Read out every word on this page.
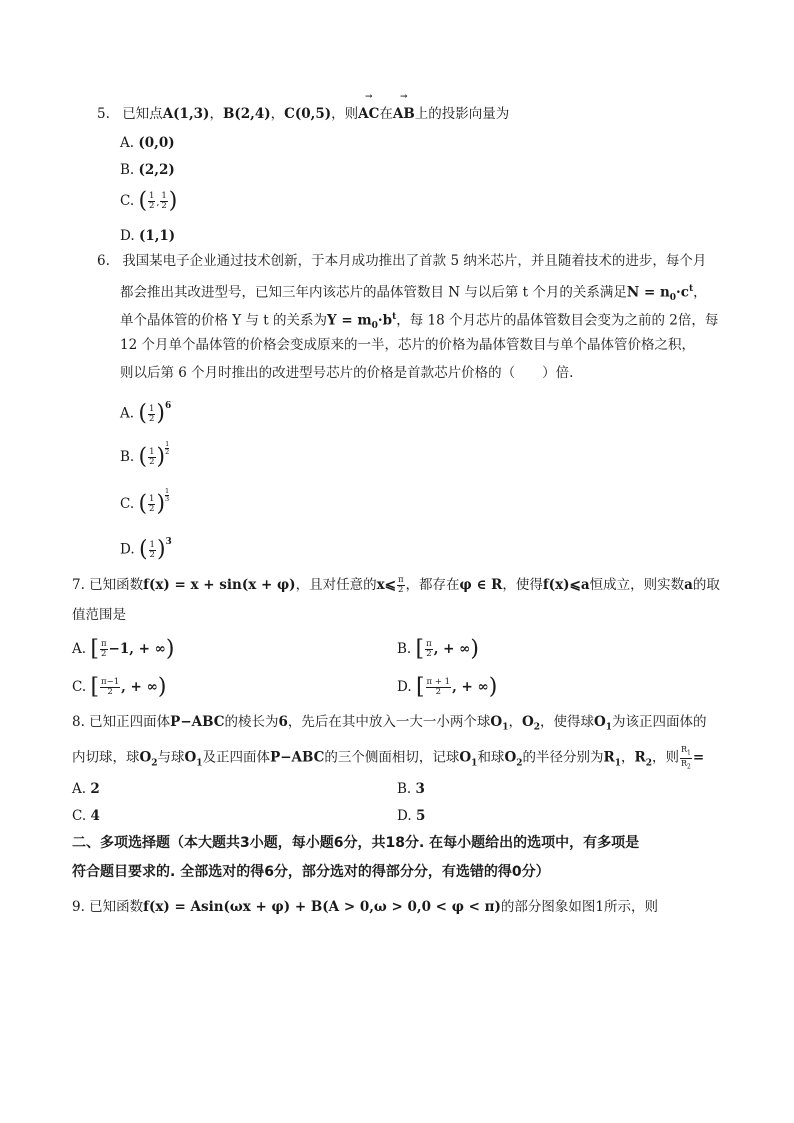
5. 已知点A(1,3)，B(2,4)，C(0,5)，则→ AC在→ AB上的投影向量为
A. (0,0)
B. (2,2)
C. ( $\frac{1}{2}$ , $\frac{1}{2}$ )
D. (1,1)
6. 我国某电子企业通过技术创新，于本月成功推出了首款 5 纳米芯片，并且随着技术的进步，每个月
都会推出其改进型号，已知三年内该芯片的晶体管数目 N 与以后第 t 个月的关系满足$N = n_0\cdot c^t$，
单个晶体管的价格 Y 与 t 的关系为$Y = m_0\cdot b^t$，每 18 个月芯片的晶体管数目会变为之前的 2倍，每
12 个月单个晶体管的价格会变成原来的一半，芯片的价格为晶体管数目与单个晶体管价格之积，
则以后第 6 个月时推出的改进型号芯片的价格是首款芯片价格的（　　）倍.
A. ( $\frac{1}{2} )^6$
B. ( $\frac{1}{2}$ ) $\frac{1}{2}$
C. ( $\frac{1}{2}$ ) $\frac{1}{3}$
D. ( $\frac{1}{2} )^3$
7. 已知函数f(x) = x + sin(x + φ)，且对任意的x⩽ $\frac{\pi}{2}$ ，都存在φ ∈ R，使得f(x)⩽a恒成立，则实数a的取
值范围是
A. [ $\frac{\pi}{2} -1$, + ∞)	B. [ $\frac{\pi}{2}$ , + ∞)
C. [ $\frac{\pi-1}{2}$ , + ∞)	D. [ $\frac{\pi + 1}{2}$ , + ∞)
8. 已知正四面体P−ABC的棱长为6，先后在其中放入一大一小两个球$O_1$，$O_2$，使得球$O_1$为该正四面体的
内切球，球$O_2$与球$O_1$及正四面体P−ABC的三个侧面相切，记球$O_1$和球$O_2$的半径分别为$R_1$，$R_2$，则 $\frac{R_1}{R_2}$ =
A. 2	B. 3
C. 4	D. 5
二、多项选择题（本大题共3小题，每小题6分，共18分. 在每小题给出的选项中，有多项是
符合题目要求的. 全部选对的得6分，部分选对的得部分分，有选错的得0分）
9. 已知函数f(x) = Asin(ωx + φ) + B(A > 0,ω > 0,0 < φ < π)的部分图象如图1所示，则
